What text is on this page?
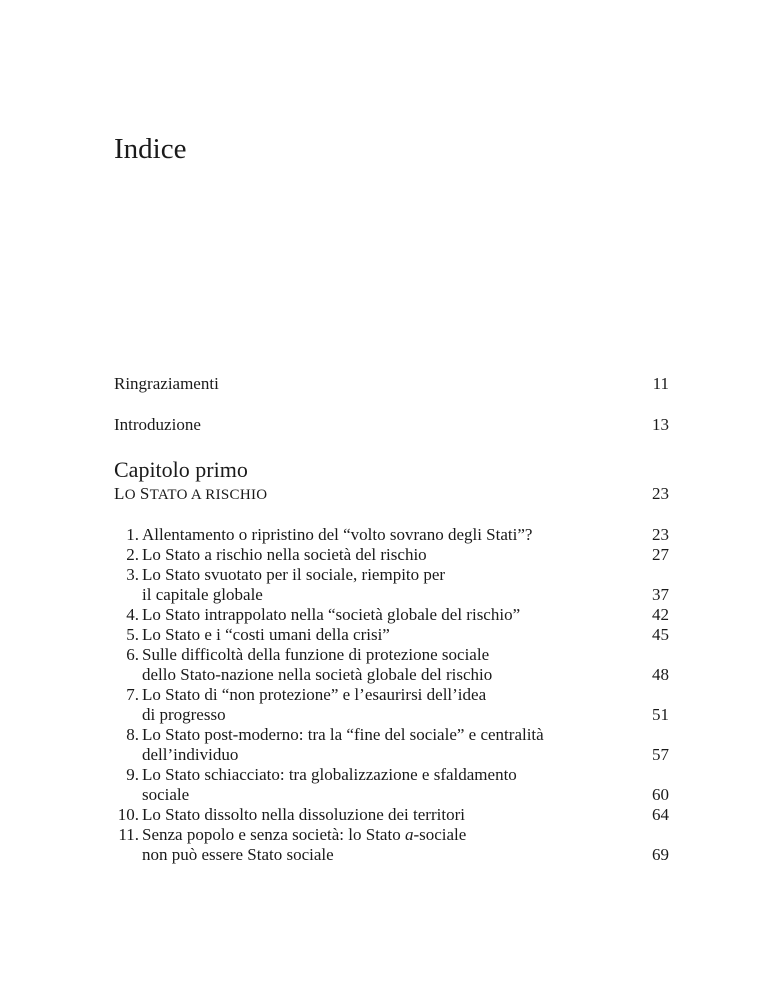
Indice
Ringraziamenti	11
Introduzione	13
Capitolo primo
LO STATO A RISCHIO	23
1. Allentamento o ripristino del “volto sovrano degli Stati”?	23
2. Lo Stato a rischio nella società del rischio	27
3. Lo Stato svuotato per il sociale, riempito per
il capitale globale	37
4. Lo Stato intrappolato nella “società globale del rischio”	42
5. Lo Stato e i “costi umani della crisi”	45
6. Sulle difficoltà della funzione di protezione sociale
dello Stato-nazione nella società globale del rischio	48
7. Lo Stato di “non protezione” e l’esaurirsi dell’idea
di progresso	51
8. Lo Stato post-moderno: tra la “fine del sociale” e centralità
dell’individuo	57
9. Lo Stato schiacciato: tra globalizzazione e sfaldamento
sociale	60
10. Lo Stato dissolto nella dissoluzione dei territori	64
11. Senza popolo e senza società: lo Stato a-sociale
non può essere Stato sociale	69
